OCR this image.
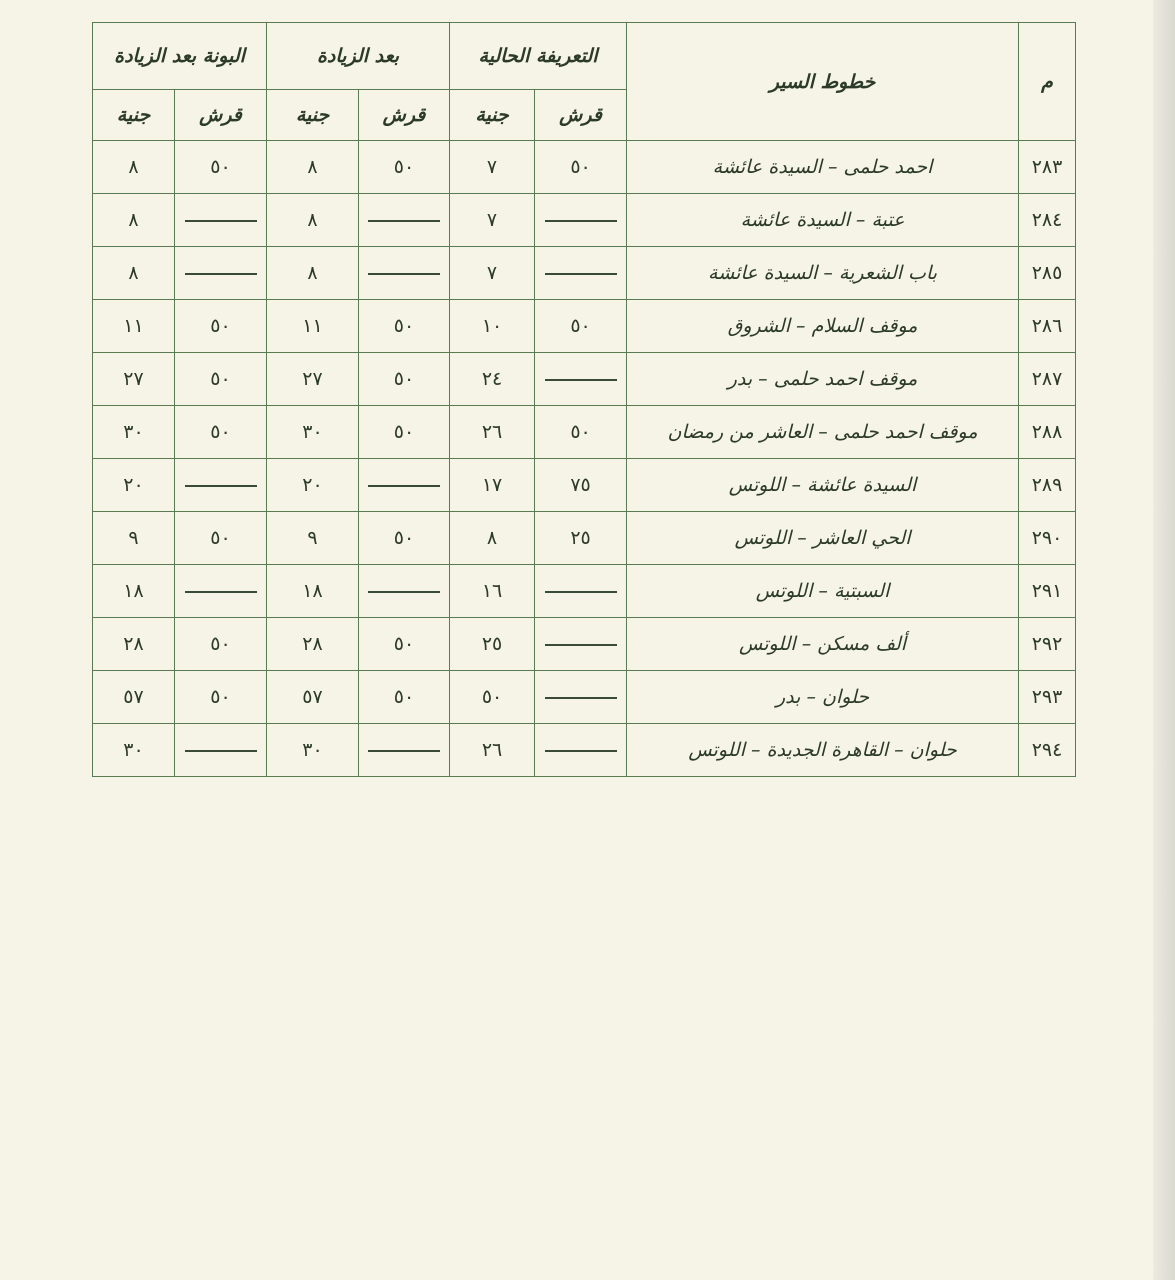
م	خطوط السير	التعريفة الحالية		بعد الزيادة		البونة بعد الزيادة	
		قرش	جنية	قرش	جنية	قرش	جنية
٢٨٣	احمد حلمى – السيدة عائشة	٥٠	٧	٥٠	٨	٥٠	٨
٢٨٤	عتبة – السيدة عائشة		٧		٨		٨
٢٨٥	باب الشعرية – السيدة عائشة		٧		٨		٨
٢٨٦	موقف السلام – الشروق	٥٠	١٠	٥٠	١١	٥٠	١١
٢٨٧	موقف احمد حلمى – بدر		٢٤	٥٠	٢٧	٥٠	٢٧
٢٨٨	موقف احمد حلمى – العاشر من رمضان	٥٠	٢٦	٥٠	٣٠	٥٠	٣٠
٢٨٩	السيدة عائشة – اللوتس	٧٥	١٧		٢٠		٢٠
٢٩٠	الحي العاشر – اللوتس	٢٥	٨	٥٠	٩	٥٠	٩
٢٩١	السبتية – اللوتس		١٦		١٨		١٨
٢٩٢	ألف مسكن – اللوتس		٢٥	٥٠	٢٨	٥٠	٢٨
٢٩٣	حلوان – بدر		٥٠	٥٠	٥٧	٥٠	٥٧
٢٩٤	حلوان – القاهرة الجديدة – اللوتس		٢٦		٣٠		٣٠
